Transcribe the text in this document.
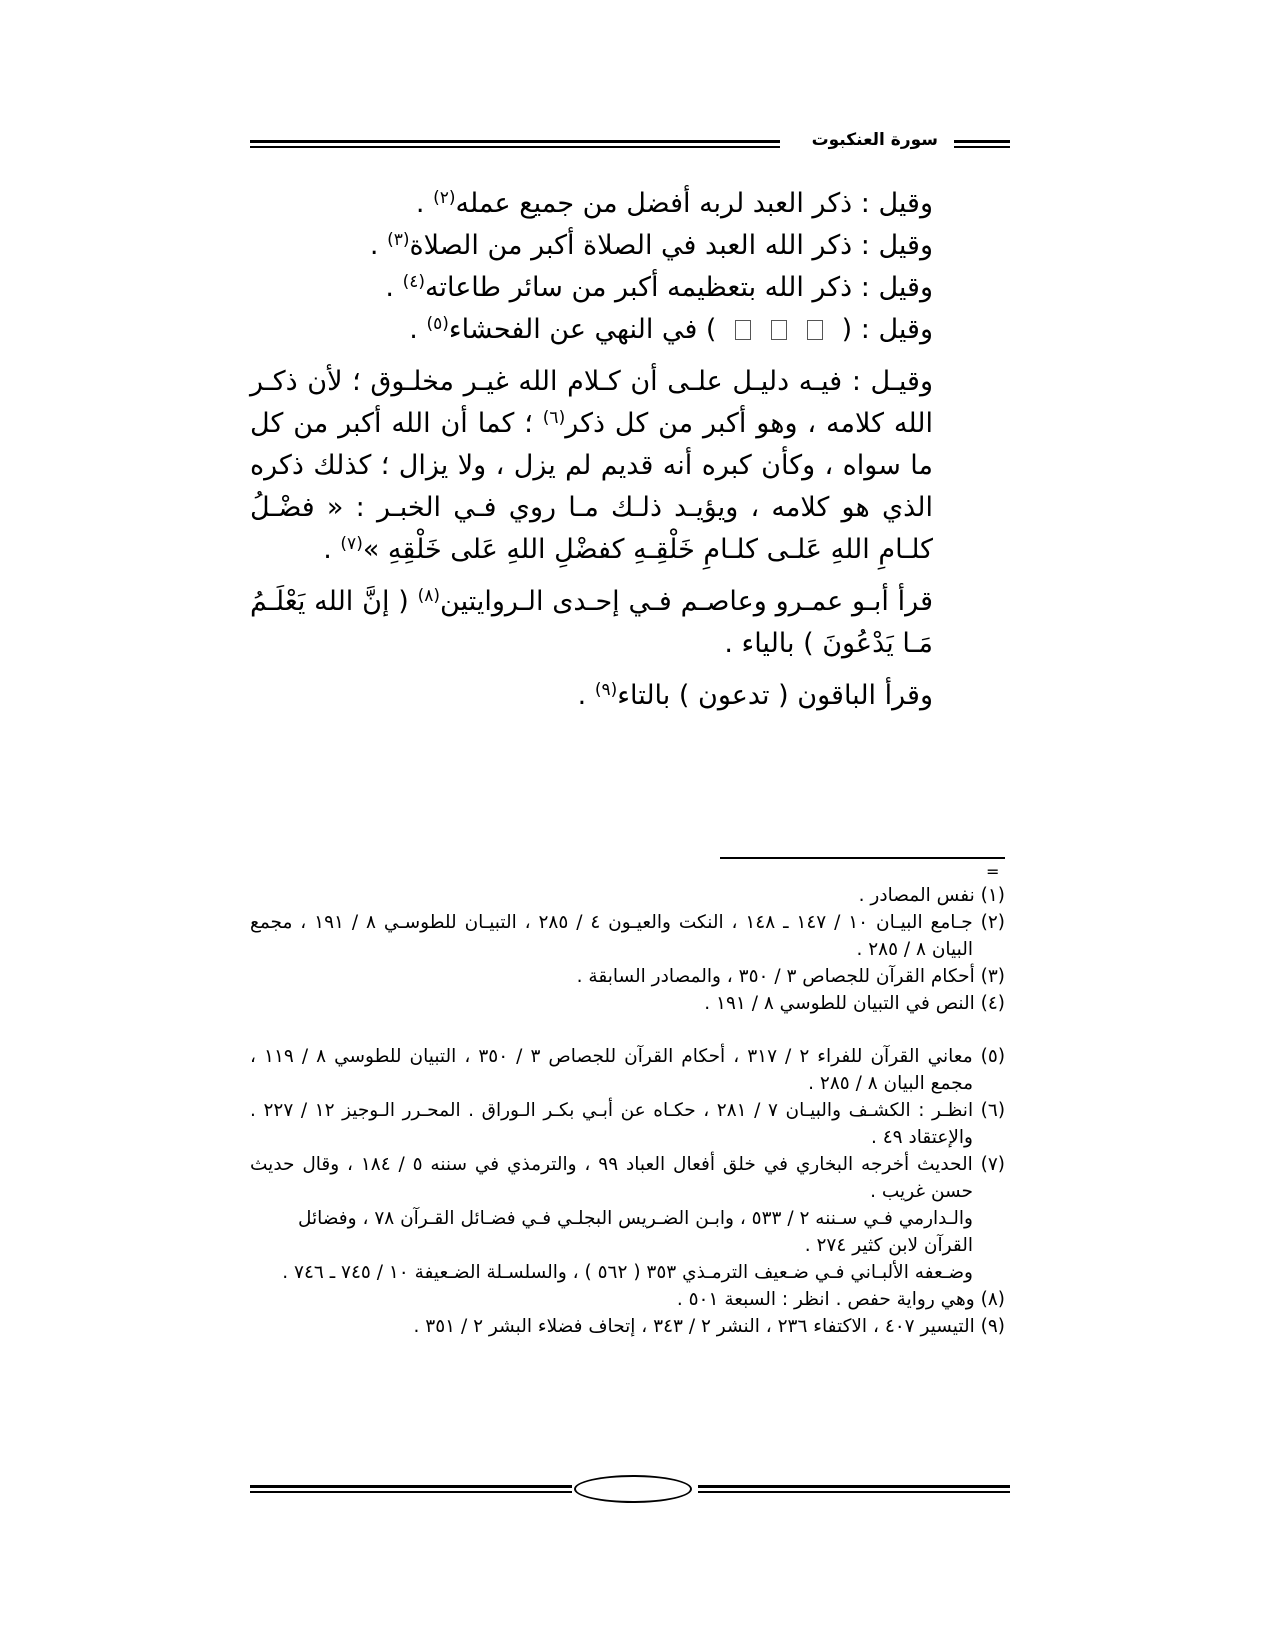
سورة العنكبوت

وقيل : ذكر العبد لربه أفضل من جميع عمله$^{(٢)}$ .

وقيل : ذكر الله العبد في الصلاة أكبر من الصلاة$^{(٣)}$ .

وقيل : ذكر الله بتعظيمه أكبر من سائر طاعاته$^{(٤)}$ .

وقيل : (  ) في النهي عن الفحشاء$^{(٥)}$ .

وقيـل : فيـه دليـل علـى أن كـلام الله غيـر مخلـوق ؛ لأن ذكـر الله كلامه ، وهو أكبر من كل ذكر$^{(٦)}$ ؛ كما أن الله أكبر من كل ما سواه ، وكأن كبره أنه قديم لم يزل ، ولا يزال ؛ كذلك ذكره الذي هو كلامه ، ويؤيـد ذلـك مـا روي فـي الخبـر : « فضْـلُ كلـامِ اللهِ عَلـى كلـامِ خَلْقِـهِ كفضْلِ اللهِ عَلى خَلْقِهِ »$^{(٧)}$ .

قرأ أبـو عمـرو وعاصـم فـي إحـدى الـروايتين$^{(٨)}$ ( إنَّ الله يَعْلَـمُ مَـا يَدْعُونَ ) بالياء .

وقرأ الباقون ( تدعون ) بالتاء$^{(٩)}$ .

=

(١) نفس المصادر .

(٢) جـامع البيـان ١٠ / ١٤٧ ـ ١٤٨ ، النكت والعيـون ٤ / ٢٨٥ ، التبيـان للطوسـي ٨ / ١٩١ ، مجمع البيان ٨ / ٢٨٥ .

(٣) أحكام القرآن للجصاص ٣ / ٣٥٠ ، والمصادر السابقة .

(٤) النص في التبيان للطوسي ٨ / ١٩١ .

(٥) معاني القرآن للفراء ٢ / ٣١٧ ، أحكام القرآن للجصاص ٣ / ٣٥٠ ، التبيان للطوسي ٨ / ١١٩ ، مجمع البيان ٨ / ٢٨٥ .

(٦) انظـر : الكشـف والبيـان ٧ / ٢٨١ ، حكـاه عن أبـي بكـر الـوراق . المحـرر الـوجيز ١٢ / ٢٢٧ . والإعتقاد ٤٩ .

(٧) الحديث أخرجه البخاري في خلق أفعال العباد ٩٩ ، والترمذي في سننه ٥ / ١٨٤ ، وقال حديث حسن غريب .

والـدارمي فـي سـننه ٢ / ٥٣٣ ، وابـن الضـريس البجلـي فـي فضـائل القـرآن ٧٨ ، وفضائل القرآن لابن كثير ٢٧٤ .

وضـعفه الألبـاني فـي ضـعيف الترمـذي ٣٥٣ ( ٥٦٢ ) ، والسلسـلة الضـعيفة ١٠ / ٧٤٥ ـ ٧٤٦ .

(٨) وهي رواية حفص . انظر : السبعة ٥٠١ .

(٩) التيسير ٤٠٧ ، الاكتفاء ٢٣٦ ، النشر ٢ / ٣٤٣ ، إتحاف فضلاء البشر ٢ / ٣٥١ .
